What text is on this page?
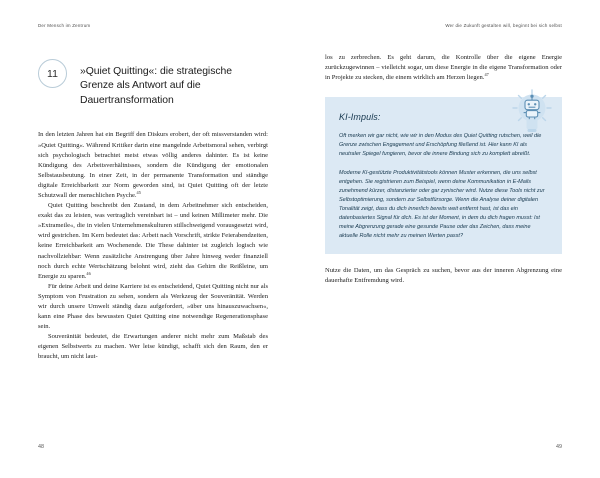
Der Mensch im Zentrum
11 »Quiet Quitting«: die strategische Grenze als Antwort auf die Dauertransformation

In den letzten Jahren hat ein Begriff den Diskurs erobert, der oft missverstanden wird: »Quiet Quitting«. Während Kritiker darin eine mangelnde Arbeitsmoral sehen, verbirgt sich psychologisch betrachtet meist etwas völlig anderes dahinter. Es ist keine Kündigung des Arbeitsverhältnisses, sondern die Kündigung der emotionalen Selbstausbeutung. In einer Zeit, in der permanente Transformation und ständige digitale Erreichbarkeit zur Norm geworden sind, ist Quiet Quitting oft der letzte Schutzwall der menschlichen Psyche.$^{45}$

Quiet Quitting beschreibt den Zustand, in dem Arbeitnehmer sich entscheiden, exakt das zu leisten, was vertraglich vereinbart ist – und keinen Millimeter mehr. Die »Extrameile«, die in vielen Unternehmenskulturen stillschweigend vorausgesetzt wird, wird gestrichen. Im Kern bedeutet das: Arbeit nach Vorschrift, strikte Feierabendzeiten, keine Erreichbarkeit am Wochenende. Die These dahinter ist zugleich logisch wie nachvollziehbar: Wenn zusätzliche Anstrengung über Jahre hinweg weder finanziell noch durch echte Wertschätzung belohnt wird, zieht das Gehirn die Reißleine, um Energie zu sparen.$^{46}$

Für deine Arbeit und deine Karriere ist es entscheidend, Quiet Quitting nicht nur als Symptom von Frustration zu sehen, sondern als Werkzeug der Souveränität. Werden wir durch unsere Umwelt ständig dazu aufgefordert, »über uns hinauszuwachsen«, kann eine Phase des bewussten Quiet Quitting eine notwendige Regenerationsphase sein.

Souveränität bedeutet, die Erwartungen anderer nicht mehr zum Maßstab des eigenen Selbstwerts zu machen. Wer leise kündigt, schafft sich den Raum, den er braucht, um nicht laut-

48
Wer die Zukunft gestalten will, beginnt bei sich selbst

los zu zerbrechen. Es geht darum, die Kontrolle über die eigene Energie zurückzugewinnen – vielleicht sogar, um diese Energie in die eigene Transformation oder in Projekte zu stecken, die einem wirklich am Herzen liegen.$^{47}$

KI-Impuls:

Oft merken wir gar nicht, wie wir in den Modus des Quiet Quitting rutschen, weil die Grenze zwischen Engagement und Erschöpfung fließend ist. Hier kann KI als neutraler Spiegel fungieren, bevor die innere Bindung sich zu komplett abreißt.

Moderne KI-gestützte Produktivitätstools können Muster erkennen, die uns selbst entgehen. Sie registrieren zum Beispiel, wenn deine Kommunikation in E-Mails zunehmend kürzer, distanzierter oder gar zynischer wird. Nutze diese Tools nicht zur Selbstoptimierung, sondern zur Selbstfürsorge. Wenn die Analyse deiner digitalen Tonalität zeigt, dass du dich innerlich bereits weit entfernt hast, ist das ein datenbasiertes Signal für dich. Es ist der Moment, in dem du dich fragen musst: Ist meine Abgrenzung gerade eine gesunde Pause oder das Zeichen, dass meine aktuelle Rolle nicht mehr zu meinen Werten passt?

Nutze die Daten, um das Gespräch zu suchen, bevor aus der inneren Abgrenzung eine dauerhafte Entfremdung wird.

49
